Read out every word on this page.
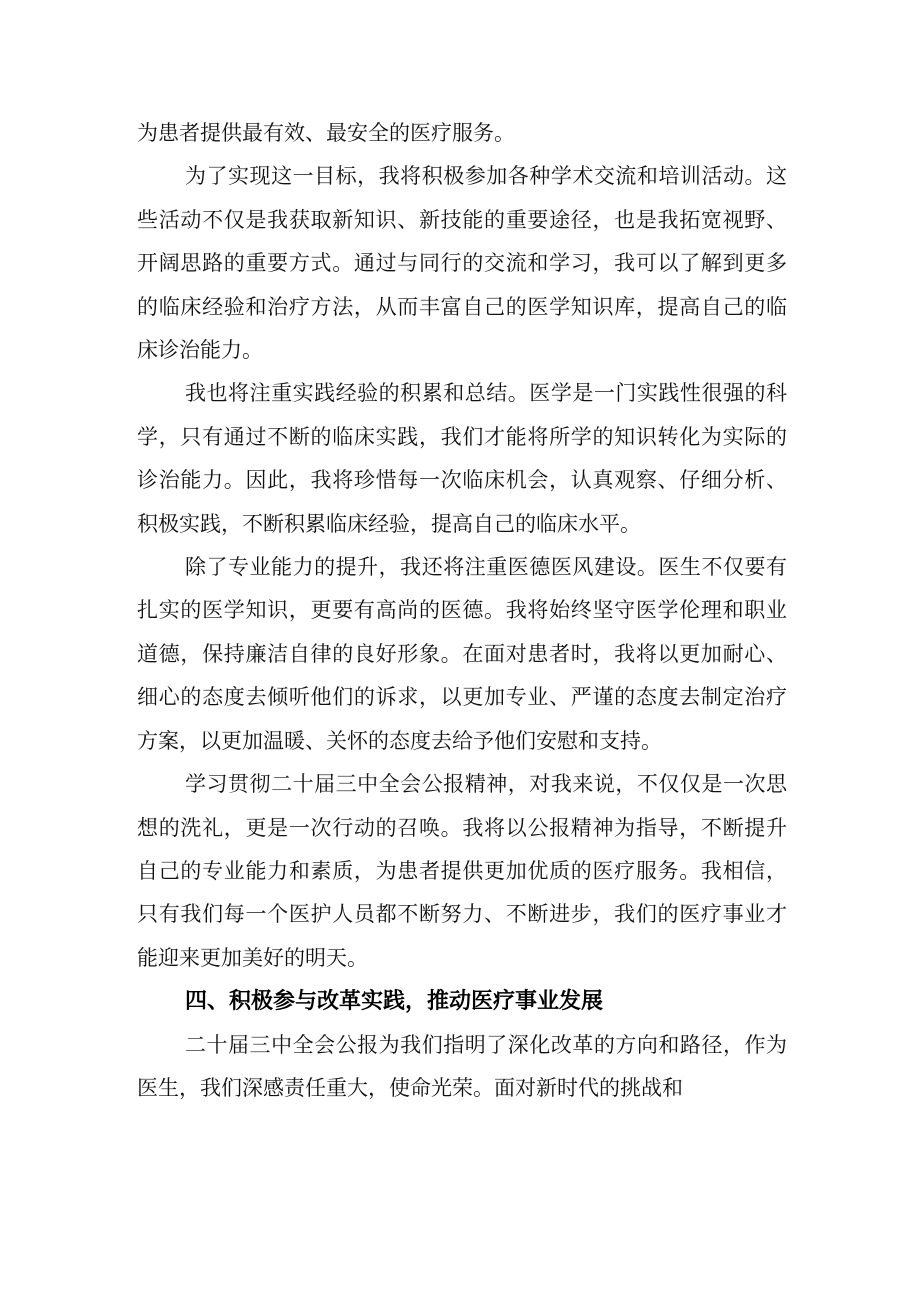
为患者提供最有效、最安全的医疗服务。

为了实现这一目标，我将积极参加各种学术交流和培训活动。这些活动不仅是我获取新知识、新技能的重要途径，也是我拓宽视野、开阔思路的重要方式。通过与同行的交流和学习，我可以了解到更多的临床经验和治疗方法，从而丰富自己的医学知识库，提高自己的临床诊治能力。

我也将注重实践经验的积累和总结。医学是一门实践性很强的科学，只有通过不断的临床实践，我们才能将所学的知识转化为实际的诊治能力。因此，我将珍惜每一次临床机会，认真观察、仔细分析、积极实践，不断积累临床经验，提高自己的临床水平。

除了专业能力的提升，我还将注重医德医风建设。医生不仅要有扎实的医学知识，更要有高尚的医德。我将始终坚守医学伦理和职业道德，保持廉洁自律的良好形象。在面对患者时，我将以更加耐心、细心的态度去倾听他们的诉求，以更加专业、严谨的态度去制定治疗方案，以更加温暖、关怀的态度去给予他们安慰和支持。

学习贯彻二十届三中全会公报精神，对我来说，不仅仅是一次思想的洗礼，更是一次行动的召唤。我将以公报精神为指导，不断提升自己的专业能力和素质，为患者提供更加优质的医疗服务。我相信，只有我们每一个医护人员都不断努力、不断进步，我们的医疗事业才能迎来更加美好的明天。

四、积极参与改革实践，推动医疗事业发展

二十届三中全会公报为我们指明了深化改革的方向和路径，作为医生，我们深感责任重大，使命光荣。面对新时代的挑战和
